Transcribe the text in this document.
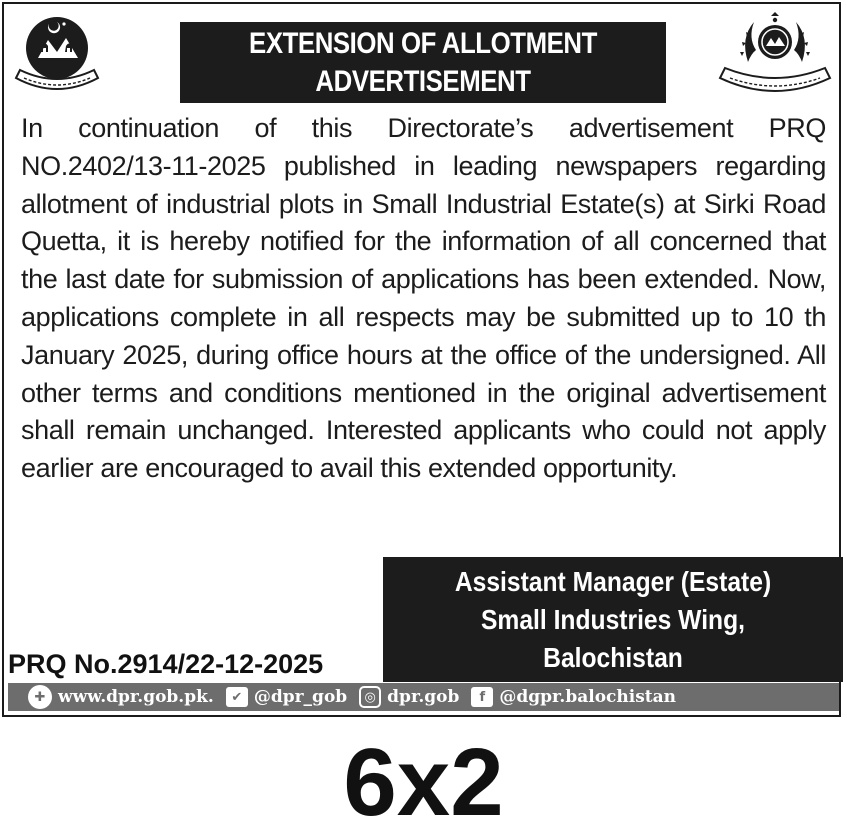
EXTENSION OF ALLOTMENT
ADVERTISEMENT
In continuation of this Directorate’s advertisement PRQ
NO.2402/13-11-2025 published in leading newspapers regarding
allotment of industrial plots in Small Industrial Estate(s) at Sirki Road
Quetta, it is hereby notified for the information of all concerned that
the last date for submission of applications has been extended. Now,
applications complete in all respects may be submitted up to 10 th
January 2025, during office hours at the office of the undersigned. All
other terms and conditions mentioned in the original advertisement
shall remain unchanged. Interested applicants who could not apply
earlier are encouraged to avail this extended opportunity.
Assistant Manager (Estate)
Small Industries Wing,
Balochistan
PRQ No.2914/22-12-2025
✚ www.dpr.gob.pk.	✔ @dpr_gob	◎ dpr.gob	f @dgpr.balochistan
6x2
